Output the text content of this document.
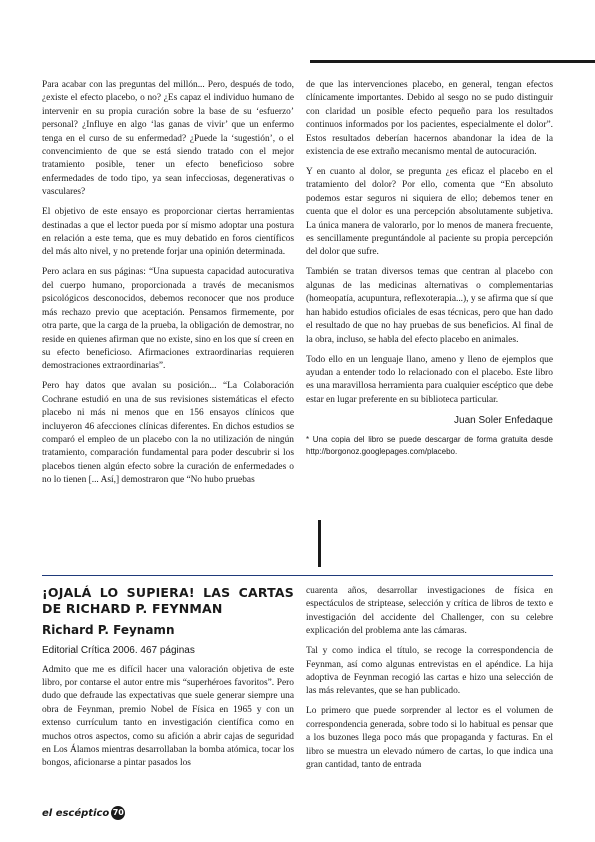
Para acabar con las preguntas del millón... Pero, después de todo, ¿existe el efecto placebo, o no? ¿Es capaz el individuo humano de intervenir en su propia curación sobre la base de su ‘esfuerzo’ personal? ¿Influye en algo ‘las ganas de vivir’ que un enfermo tenga en el curso de su enfermedad? ¿Puede la ‘sugestión’, o el convencimiento de que se está siendo tratado con el mejor tratamiento posible, tener un efecto beneficioso sobre enfermedades de todo tipo, ya sean infecciosas, degenerativas o vasculares?

El objetivo de este ensayo es proporcionar ciertas herramientas destinadas a que el lector pueda por sí mismo adoptar una postura en relación a este tema, que es muy debatido en foros científicos del más alto nivel, y no pretende forjar una opinión determinada.

Pero aclara en sus páginas: “Una supuesta capacidad autocurativa del cuerpo humano, proporcionada a través de mecanismos psicológicos desconocidos, debemos reconocer que nos produce más rechazo previo que aceptación. Pensamos firmemente, por otra parte, que la carga de la prueba, la obligación de demostrar, no reside en quienes afirman que no existe, sino en los que sí creen en su efecto beneficioso. Afirmaciones extraordinarias requieren demostraciones extraordinarias”.

Pero hay datos que avalan su posición... “La Colaboración Cochrane estudió en una de sus revisiones sistemáticas el efecto placebo ni más ni menos que en 156 ensayos clínicos que incluyeron 46 afecciones clínicas diferentes. En dichos estudios se comparó el empleo de un placebo con la no utilización de ningún tratamiento, comparación fundamental para poder descubrir si los placebos tienen algún efecto sobre la curación de enfermedades o no lo tienen [... Así,] demostraron que “No hubo pruebas

de que las intervenciones placebo, en general, tengan efectos clínicamente importantes. Debido al sesgo no se pudo distinguir con claridad un posible efecto pequeño para los resultados continuos informados por los pacientes, especialmente el dolor”. Estos resultados deberían hacernos abandonar la idea de la existencia de ese extraño mecanismo mental de autocuración.

Y en cuanto al dolor, se pregunta ¿es eficaz el placebo en el tratamiento del dolor? Por ello, comenta que “En absoluto podemos estar seguros ni siquiera de ello; debemos tener en cuenta que el dolor es una percepción absolutamente subjetiva. La única manera de valorarlo, por lo menos de manera frecuente, es sencillamente preguntándole al paciente su propia percepción del dolor que sufre.

También se tratan diversos temas que centran al placebo con algunas de las medicinas alternativas o complementarias (homeopatía, acupuntura, reflexoterapia...), y se afirma que sí que han habido estudios oficiales de esas técnicas, pero que han dado el resultado de que no hay pruebas de sus beneficios. Al final de la obra, incluso, se habla del efecto placebo en animales.

Todo ello en un lenguaje llano, ameno y lleno de ejemplos que ayudan a entender todo lo relacionado con el placebo. Este libro es una maravillosa herramienta para cualquier escéptico que debe estar en lugar preferente en su biblioteca particular.

Juan Soler Enfedaque

* Una copia del libro se puede descargar de forma gratuita desde http://borgonoz.googlepages.com/placebo.

¡OJALÁ LO SUPIERA! LAS CARTAS DE RICHARD P. FEYNMAN

Richard P. Feynamn

Editorial Crítica 2006. 467 páginas

Admito que me es difícil hacer una valoración objetiva de este libro, por contarse el autor entre mis “superhéroes favoritos”. Pero dudo que defraude las expectativas que suele generar siempre una obra de Feynman, premio Nobel de Física en 1965 y con un extenso currículum tanto en investigación científica como en muchos otros aspectos, como su afición a abrir cajas de seguridad en Los Álamos mientras desarrollaban la bomba atómica, tocar los bongos, aficionarse a pintar pasados los

cuarenta años, desarrollar investigaciones de física en espectáculos de striptease, selección y crítica de libros de texto e investigación del accidente del Challenger, con su celebre explicación del problema ante las cámaras.

Tal y como indica el título, se recoge la correspondencia de Feynman, así como algunas entrevistas en el apéndice. La hija adoptiva de Feynman recogió las cartas e hizo una selección de las más relevantes, que se han publicado.

Lo primero que puede sorprender al lector es el volumen de correspondencia generada, sobre todo si lo habitual es pensar que a los buzones llega poco más que propaganda y facturas. En el libro se muestra un elevado número de cartas, lo que indica una gran cantidad, tanto de entrada

el escéptico 70
